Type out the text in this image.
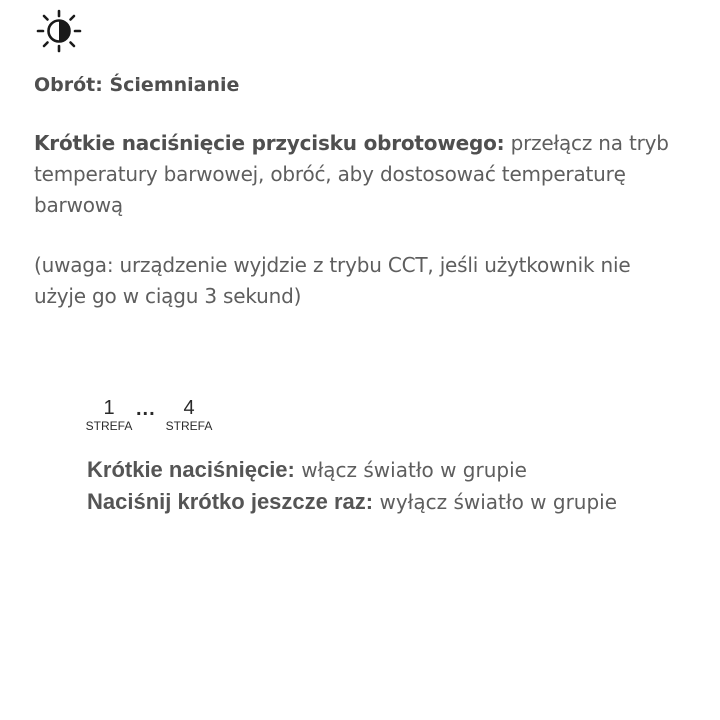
Obrót: Ściemnianie
Krótkie naciśnięcie przycisku obrotowego: przełącz na tryb temperatury barwowej, obróć, aby dostosować temperaturę barwową
(uwaga: urządzenie wyjdzie z trybu CCT, jeśli użytkownik nie użyje go w ciągu 3 sekund)
1
STREFA
...	4
STREFA
Krótkie naciśnięcie: włącz światło w grupie
Naciśnij krótko jeszcze raz: wyłącz światło w grupie
